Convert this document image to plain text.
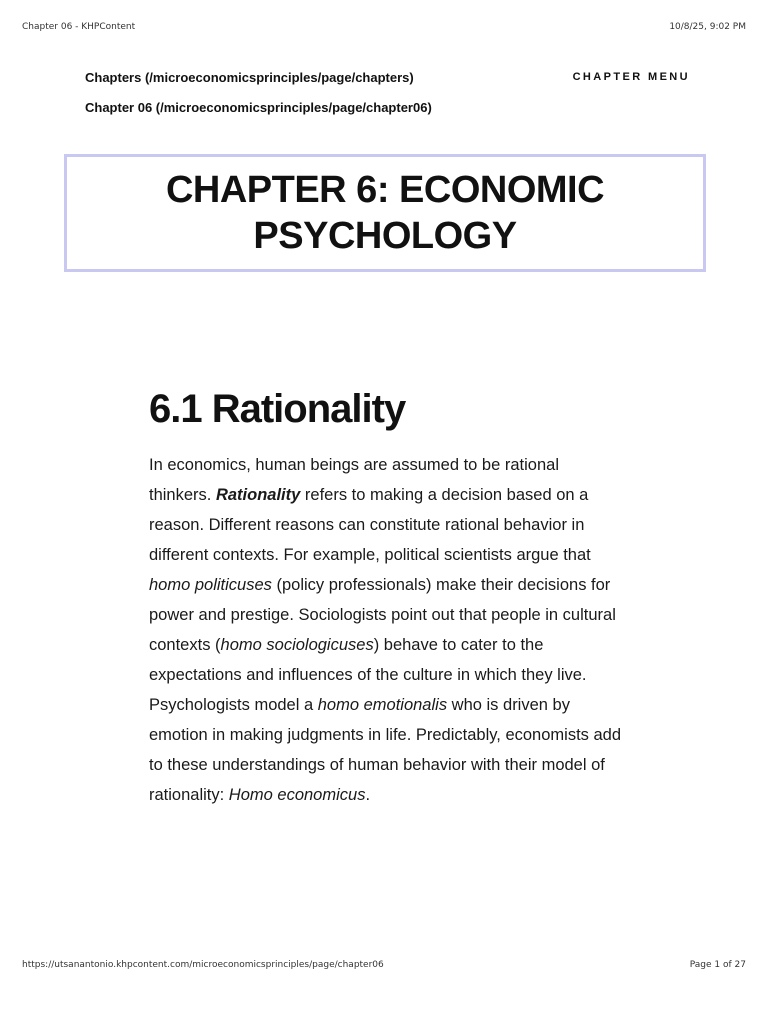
Chapter 06 - KHPContent	10/8/25, 9:02 PM
Chapters (/microeconomicsprinciples/page/chapters)
Chapter 06 (/microeconomicsprinciples/page/chapter06)
CHAPTER MENU
CHAPTER 6: ECONOMIC PSYCHOLOGY
6.1 Rationality

In economics, human beings are assumed to be rational thinkers. Rationality refers to making a decision based on a reason. Different reasons can constitute rational behavior in different contexts. For example, political scientists argue that homo politicuses (policy professionals) make their decisions for power and prestige. Sociologists point out that people in cultural contexts (homo sociologicuses) behave to cater to the expectations and influences of the culture in which they live. Psychologists model a homo emotionalis who is driven by emotion in making judgments in life. Predictably, economists add to these understandings of human behavior with their model of rationality: Homo economicus.

https://utsanantonio.khpcontent.com/microeconomicsprinciples/page/chapter06	Page 1 of 27
